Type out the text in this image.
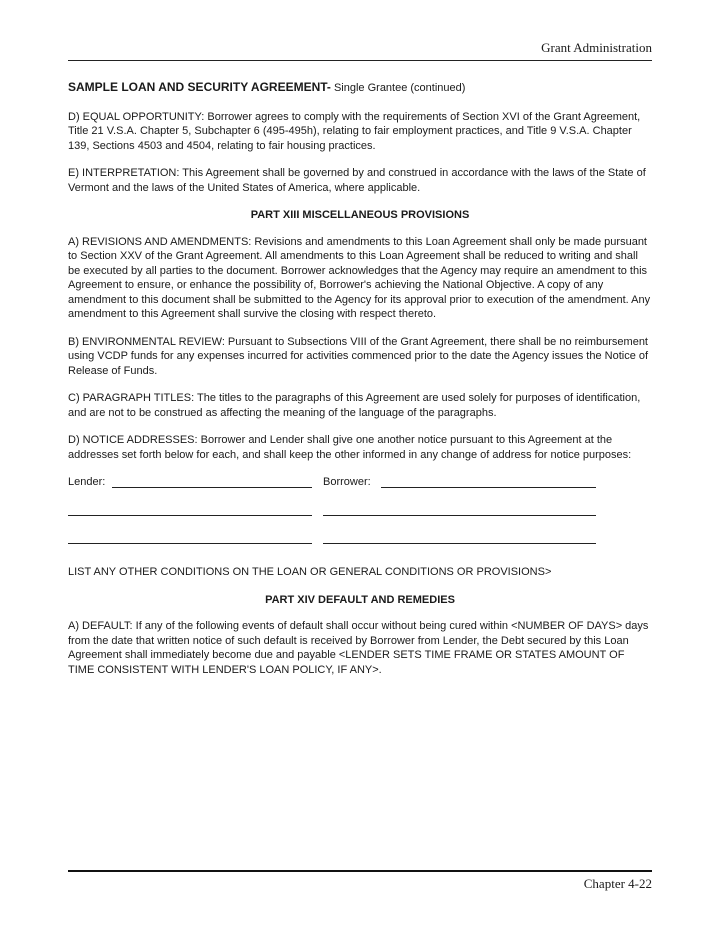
Grant Administration

SAMPLE LOAN AND SECURITY AGREEMENT- Single Grantee (continued)

D) EQUAL OPPORTUNITY: Borrower agrees to comply with the requirements of Section XVI of the Grant Agreement, Title 21 V.S.A. Chapter 5, Subchapter 6 (495-495h), relating to fair employment practices, and Title 9 V.S.A. Chapter 139, Sections 4503 and 4504, relating to fair housing practices.

E) INTERPRETATION: This Agreement shall be governed by and construed in accordance with the laws of the State of Vermont and the laws of the United States of America, where applicable.

PART XIII MISCELLANEOUS PROVISIONS

A) REVISIONS AND AMENDMENTS: Revisions and amendments to this Loan Agreement shall only be made pursuant to Section XXV of the Grant Agreement. All amendments to this Loan Agreement shall be reduced to writing and shall be executed by all parties to the document. Borrower acknowledges that the Agency may require an amendment to this Agreement to ensure, or enhance the possibility of, Borrower's achieving the National Objective. A copy of any amendment to this document shall be submitted to the Agency for its approval prior to execution of the amendment. Any amendment to this Agreement shall survive the closing with respect thereto.

B) ENVIRONMENTAL REVIEW: Pursuant to Subsections VIII of the Grant Agreement, there shall be no reimbursement using VCDP funds for any expenses incurred for activities commenced prior to the date the Agency issues the Notice of Release of Funds.

C) PARAGRAPH TITLES: The titles to the paragraphs of this Agreement are used solely for purposes of identification, and are not to be construed as affecting the meaning of the language of the paragraphs.

D) NOTICE ADDRESSES: Borrower and Lender shall give one another notice pursuant to this Agreement at the addresses set forth below for each, and shall keep the other informed in any change of address for notice purposes:

Lender:	Borrower:

LIST ANY OTHER CONDITIONS ON THE LOAN OR GENERAL CONDITIONS OR PROVISIONS>

PART XIV DEFAULT AND REMEDIES

A) DEFAULT: If any of the following events of default shall occur without being cured within <NUMBER OF DAYS> days from the date that written notice of such default is received by Borrower from Lender, the Debt secured by this Loan Agreement shall immediately become due and payable <LENDER SETS TIME FRAME OR STATES AMOUNT OF TIME CONSISTENT WITH LENDER'S LOAN POLICY, IF ANY>.

Chapter 4-22
